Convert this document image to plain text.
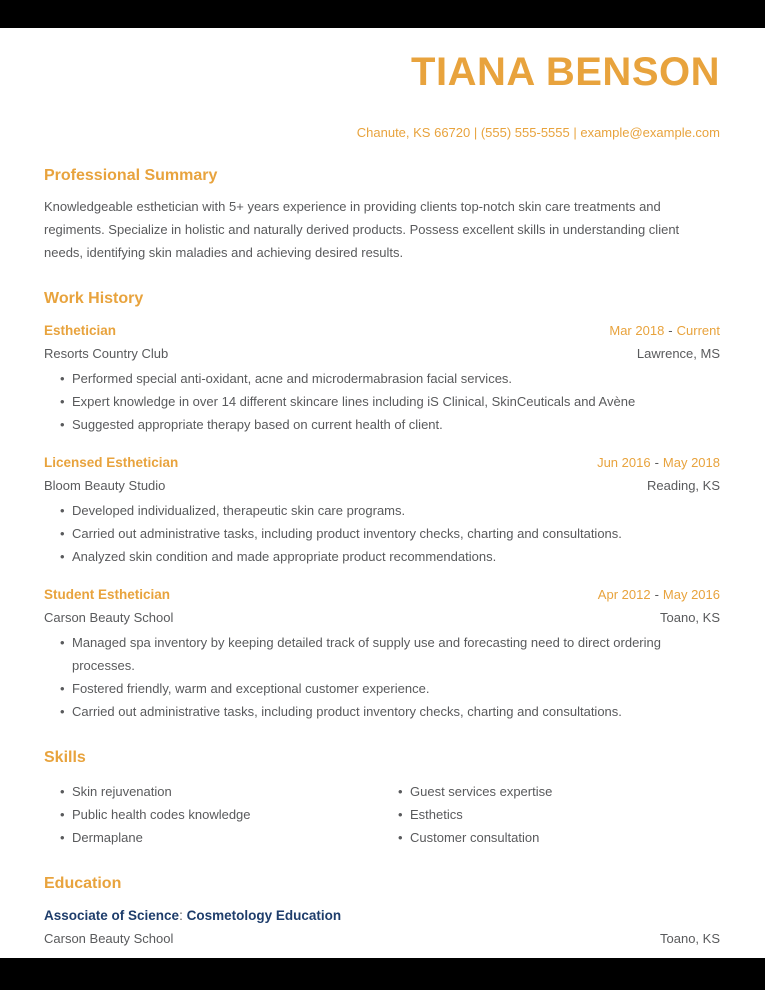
TIANA BENSON
Chanute, KS 66720 | (555) 555-5555 | example@example.com
Professional Summary
Knowledgeable esthetician with 5+ years experience in providing clients top-notch skin care treatments and regiments. Specialize in holistic and naturally derived products. Possess excellent skills in understanding client needs, identifying skin maladies and achieving desired results.
Work History
Esthetician	Mar 2018 - Current
Resorts Country Club	Lawrence, MS
• Performed special anti-oxidant, acne and microdermabrasion facial services.
• Expert knowledge in over 14 different skincare lines including iS Clinical, SkinCeuticals and Avène
• Suggested appropriate therapy based on current health of client.
Licensed Esthetician	Jun 2016 - May 2018
Bloom Beauty Studio	Reading, KS
• Developed individualized, therapeutic skin care programs.
• Carried out administrative tasks, including product inventory checks, charting and consultations.
• Analyzed skin condition and made appropriate product recommendations.
Student Esthetician	Apr 2012 - May 2016
Carson Beauty School	Toano, KS
• Managed spa inventory by keeping detailed track of supply use and forecasting need to direct ordering processes.
• Fostered friendly, warm and exceptional customer experience.
• Carried out administrative tasks, including product inventory checks, charting and consultations.
Skills
• Skin rejuvenation
• Public health codes knowledge
• Dermaplane
• Guest services expertise
• Esthetics
• Customer consultation
Education
Associate of Science: Cosmetology Education
Carson Beauty School	Toano, KS
